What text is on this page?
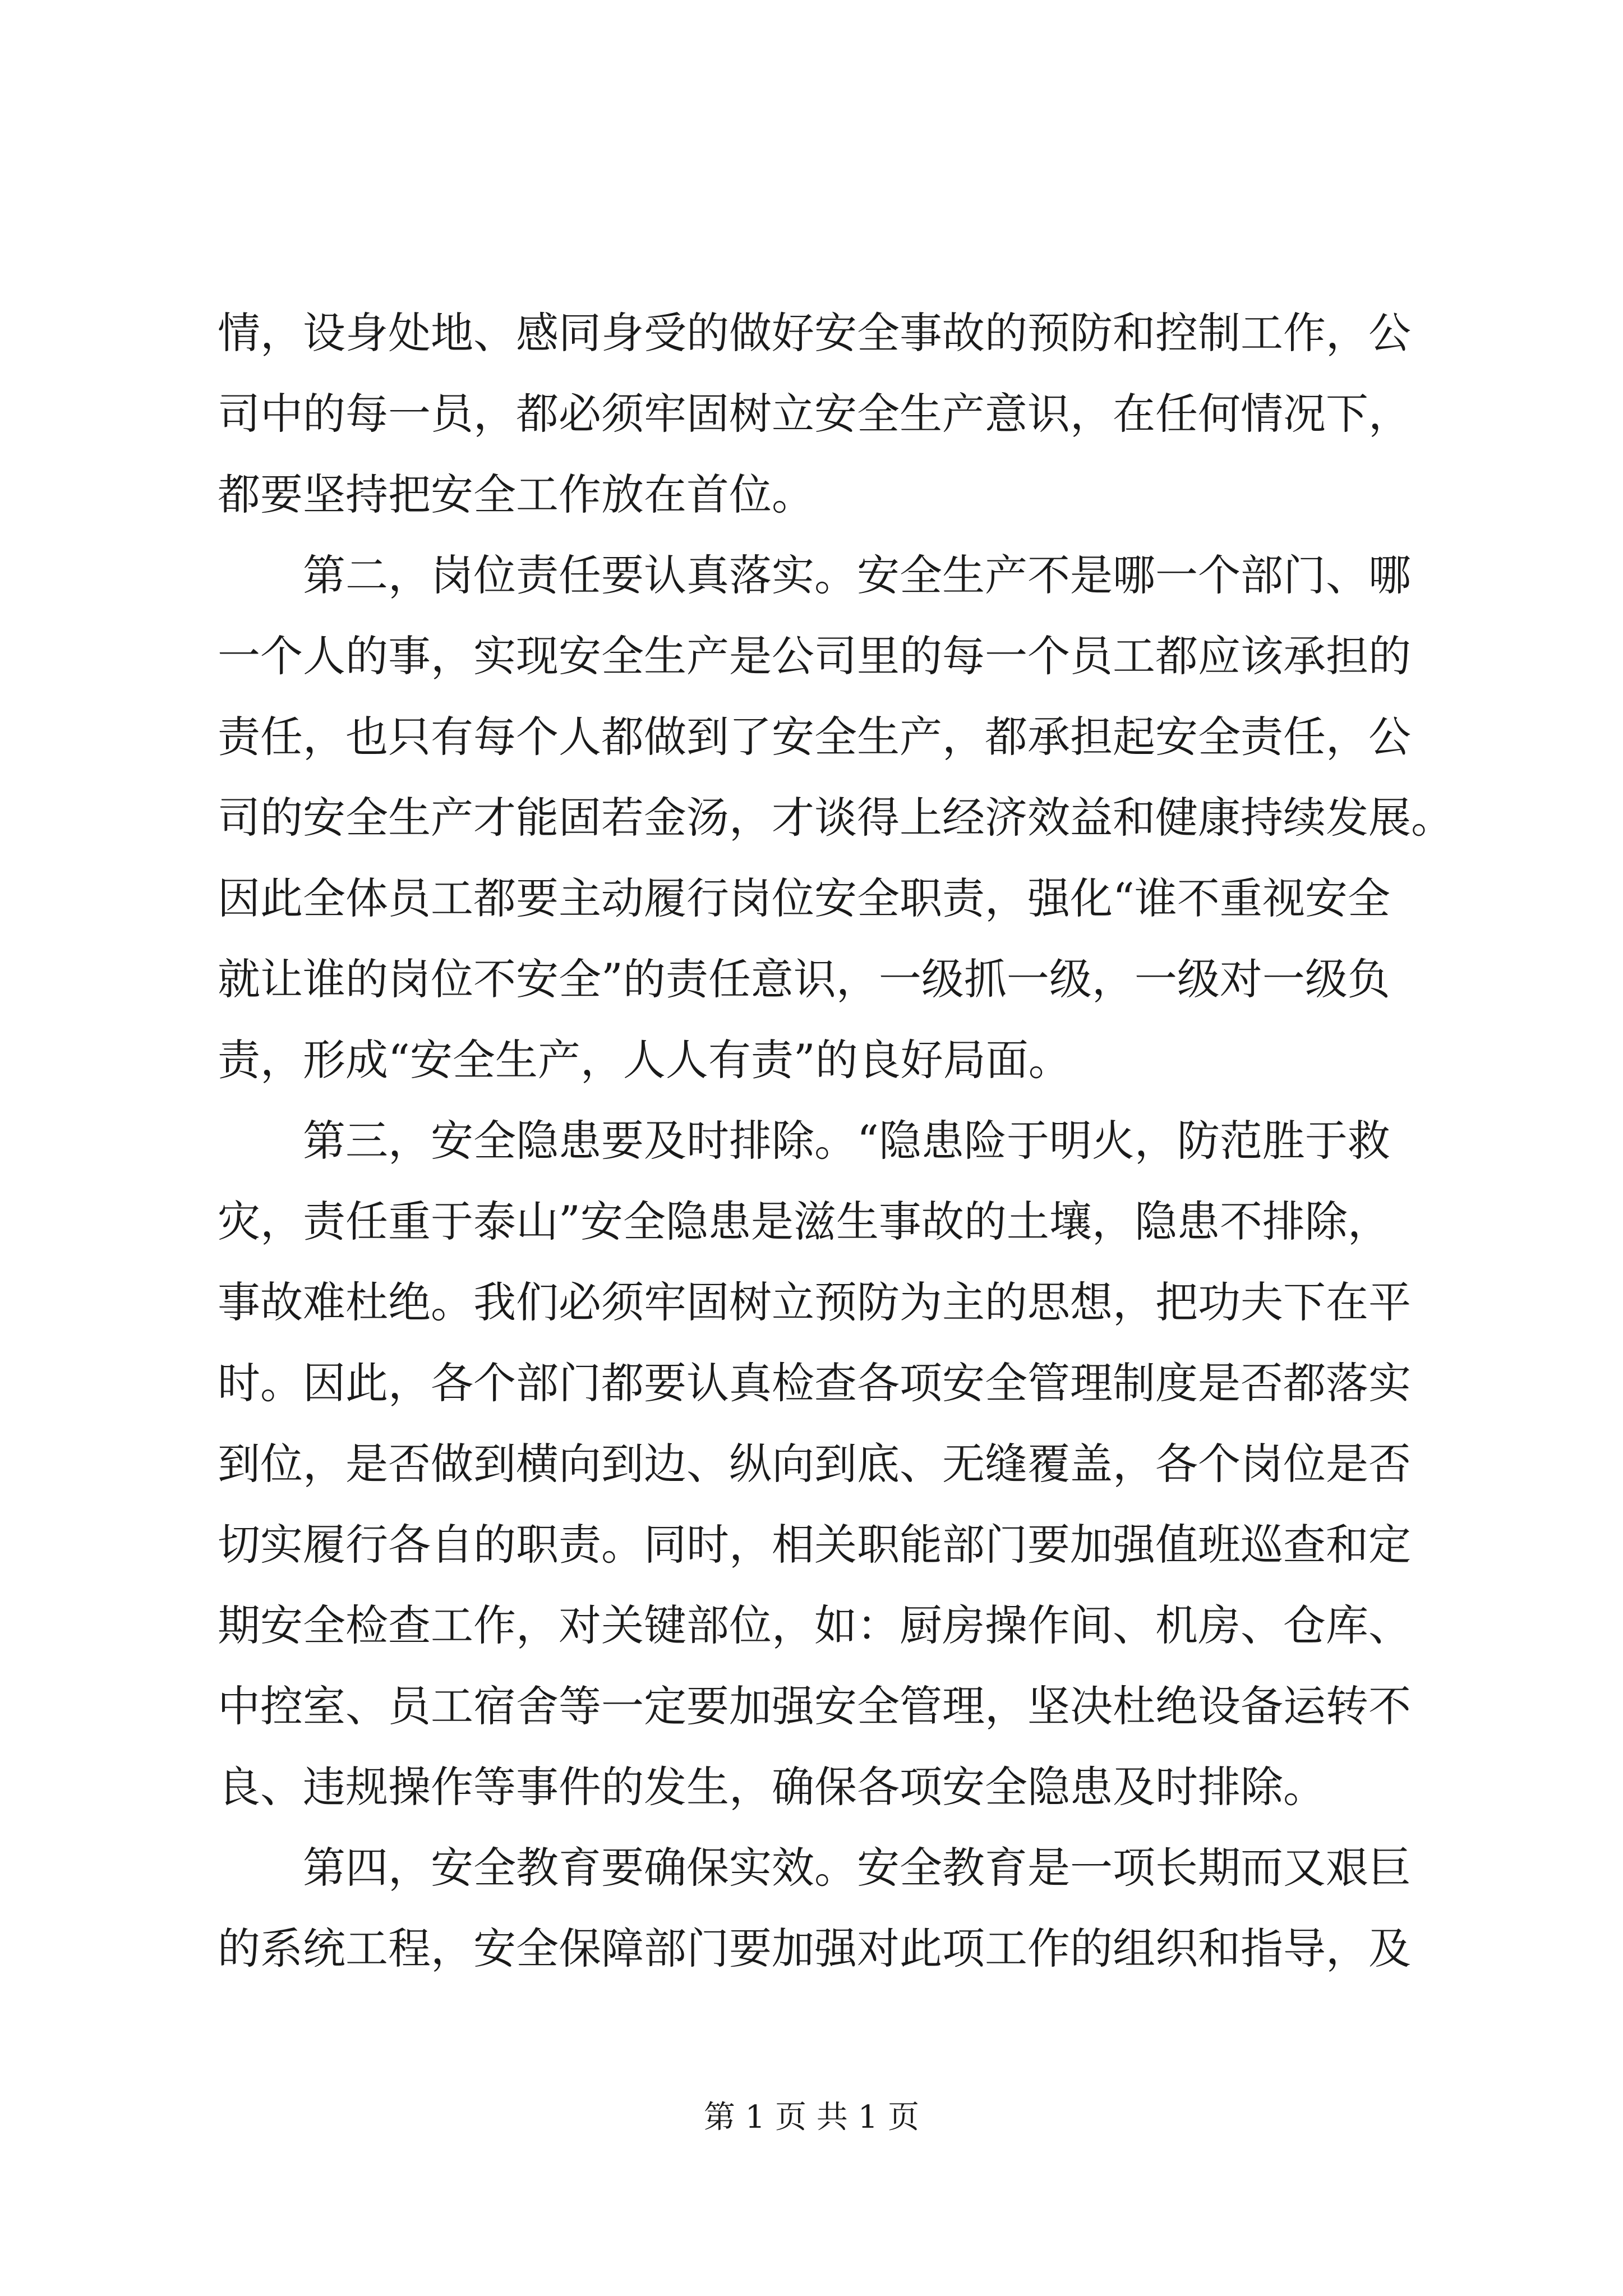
情，设身处地、感同身受的做好安全事故的预防和控制工作，公
司中的每一员，都必须牢固树立安全生产意识，在任何情况下，
都要坚持把安全工作放在首位。
第二，岗位责任要认真落实。安全生产不是哪一个部门、哪
一个人的事，实现安全生产是公司里的每一个员工都应该承担的
责任，也只有每个人都做到了安全生产，都承担起安全责任，公
司的安全生产才能固若金汤，才谈得上经济效益和健康持续发展。
因此全体员工都要主动履行岗位安全职责，强化“谁不重视安全
就让谁的岗位不安全”的责任意识，一级抓一级，一级对一级负
责，形成“安全生产，人人有责”的良好局面。
第三，安全隐患要及时排除。“隐患险于明火，防范胜于救
灾，责任重于泰山”安全隐患是滋生事故的土壤，隐患不排除，
事故难杜绝。我们必须牢固树立预防为主的思想，把功夫下在平
时。因此，各个部门都要认真检查各项安全管理制度是否都落实
到位，是否做到横向到边、纵向到底、无缝覆盖，各个岗位是否
切实履行各自的职责。同时，相关职能部门要加强值班巡查和定
期安全检查工作，对关键部位，如：厨房操作间、机房、仓库、
中控室、员工宿舍等一定要加强安全管理，坚决杜绝设备运转不
良、违规操作等事件的发生，确保各项安全隐患及时排除。
第四，安全教育要确保实效。安全教育是一项长期而又艰巨
的系统工程，安全保障部门要加强对此项工作的组织和指导，及
第 1 页 共 1 页
